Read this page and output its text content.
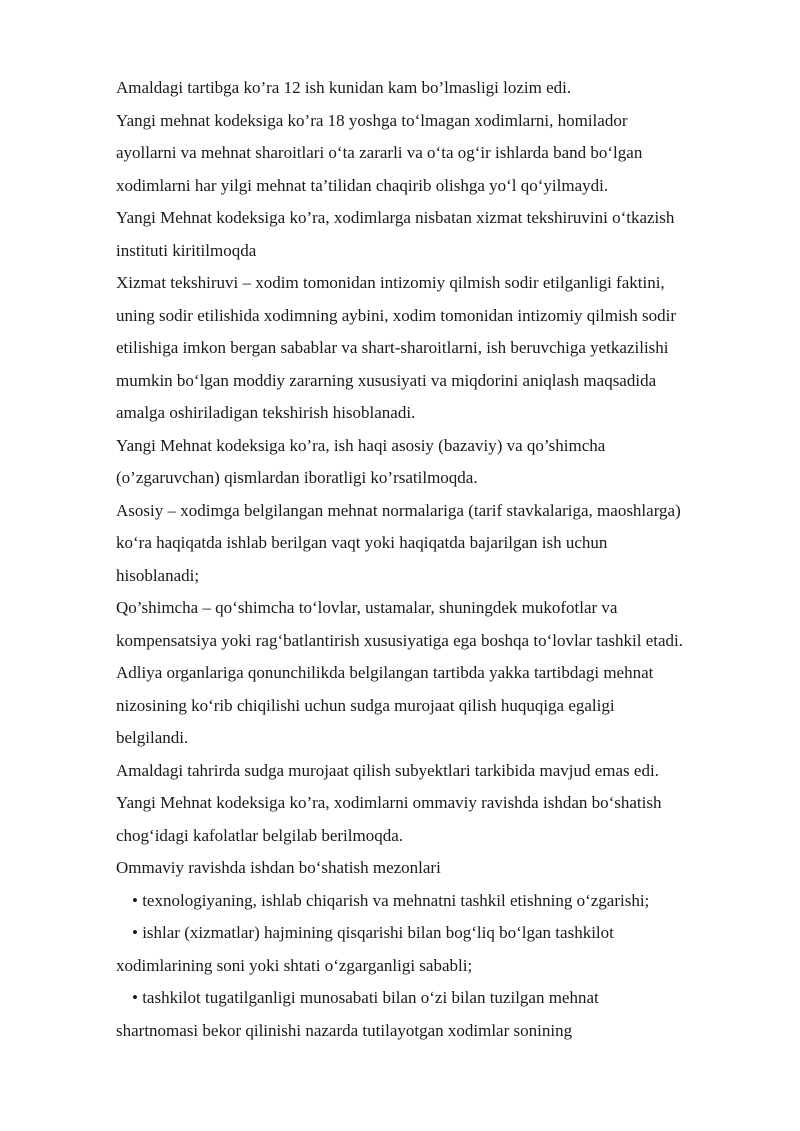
Amaldagi tartibga ko’ra 12 ish kunidan kam bo’lmasligi lozim edi.
Yangi mehnat kodeksiga ko’ra 18 yoshga to‘lmagan xodimlarni, homilador
ayollarni va mehnat sharoitlari o‘ta zararli va o‘ta og‘ir ishlarda band bo‘lgan
xodimlarni har yilgi mehnat ta’tilidan chaqirib olishga yo‘l qo‘yilmaydi.
Yangi Mehnat kodeksiga ko’ra, xodimlarga nisbatan xizmat tekshiruvini o‘tkazish
instituti kiritilmoqda
Xizmat tekshiruvi – xodim tomonidan intizomiy qilmish sodir etilganligi faktini,
uning sodir etilishida xodimning aybini, xodim tomonidan intizomiy qilmish sodir
etilishiga imkon bergan sabablar va shart-sharoitlarni, ish beruvchiga yetkazilishi
mumkin bo‘lgan moddiy zararning xususiyati va miqdorini aniqlash maqsadida
amalga oshiriladigan tekshirish hisoblanadi.
Yangi Mehnat kodeksiga ko’ra, ish haqi asosiy (bazaviy) va qo’shimcha
(o’zgaruvchan) qismlardan iboratligi ko’rsatilmoqda.
Asosiy – xodimga belgilangan mehnat normalariga (tarif stavkalariga, maoshlarga)
ko‘ra haqiqatda ishlab berilgan vaqt yoki haqiqatda bajarilgan ish uchun
hisoblanadi;
Qo’shimcha – qo‘shimcha to‘lovlar, ustamalar, shuningdek mukofotlar va
kompensatsiya yoki rag‘batlantirish xususiyatiga ega boshqa to‘lovlar tashkil etadi.
Adliya organlariga qonunchilikda belgilangan tartibda yakka tartibdagi mehnat
nizosining ko‘rib chiqilishi uchun sudga murojaat qilish huquqiga egaligi
belgilandi.
Amaldagi tahrirda sudga murojaat qilish subyektlari tarkibida mavjud emas edi.
Yangi Mehnat kodeksiga ko’ra, xodimlarni ommaviy ravishda ishdan bo‘shatish
chog‘idagi kafolatlar belgilab berilmoqda.
Ommaviy ravishda ishdan bo‘shatish mezonlari
• texnologiyaning, ishlab chiqarish va mehnatni tashkil etishning o‘zgarishi;
• ishlar (xizmatlar) hajmining qisqarishi bilan bog‘liq bo‘lgan tashkilot
xodimlarining soni yoki shtati o‘zgarganligi sababli;
• tashkilot tugatilganligi munosabati bilan o‘zi bilan tuzilgan mehnat
shartnomasi bekor qilinishi nazarda tutilayotgan xodimlar sonining
